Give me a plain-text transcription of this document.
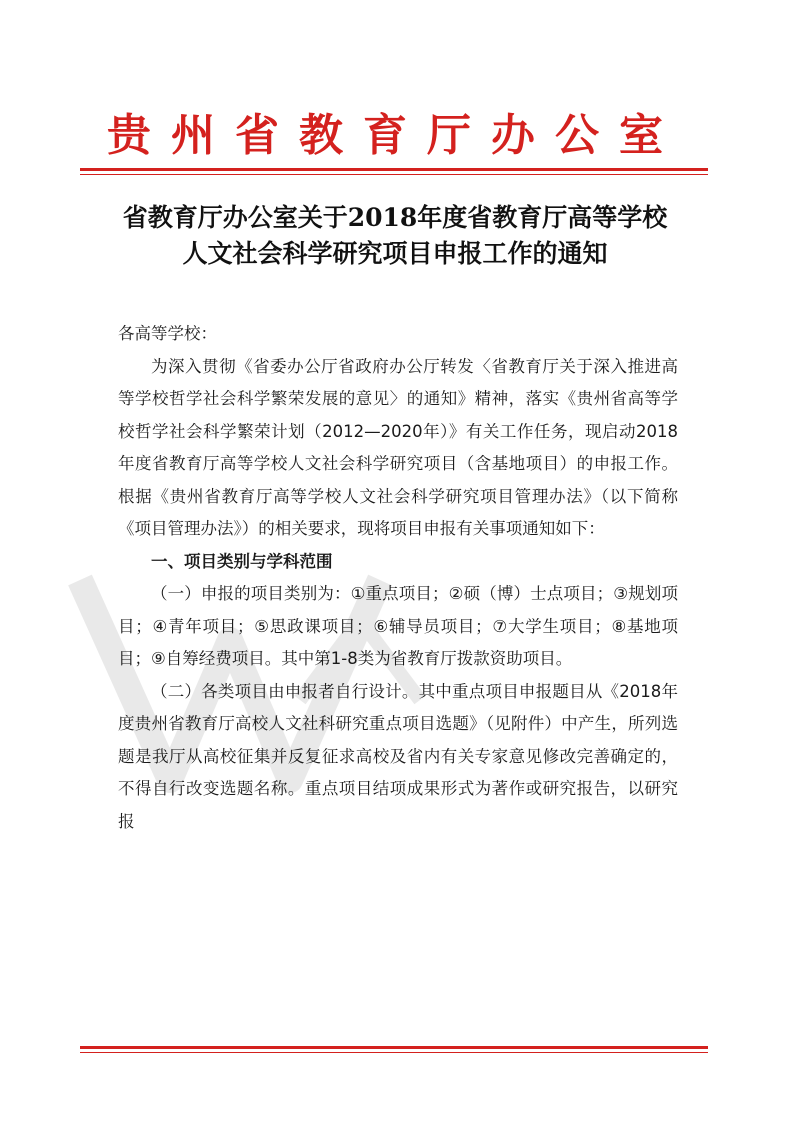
贵州省教育厅办公室
省教育厅办公室关于2018年度省教育厅高等学校
人文社会科学研究项目申报工作的通知

各高等学校：

为深入贯彻《省委办公厅省政府办公厅转发〈省教育厅关于深入推进高等学校哲学社会科学繁荣发展的意见〉的通知》精神，落实《贵州省高等学校哲学社会科学繁荣计划（2012—2020年）》有关工作任务，现启动2018年度省教育厅高等学校人文社会科学研究项目（含基地项目）的申报工作。根据《贵州省教育厅高等学校人文社会科学研究项目管理办法》（以下简称《项目管理办法》）的相关要求，现将项目申报有关事项通知如下：

一、项目类别与学科范围

（一）申报的项目类别为：①重点项目；②硕（博）士点项目；③规划项目；④青年项目；⑤思政课项目；⑥辅导员项目；⑦大学生项目；⑧基地项目；⑨自筹经费项目。其中第1-8类为省教育厅拨款资助项目。

（二）各类项目由申报者自行设计。其中重点项目申报题目从《2018年度贵州省教育厅高校人文社科研究重点项目选题》（见附件）中产生，所列选题是我厅从高校征集并反复征求高校及省内有关专家意见修改完善确定的，不得自行改变选题名称。重点项目结项成果形式为著作或研究报告，以研究报
